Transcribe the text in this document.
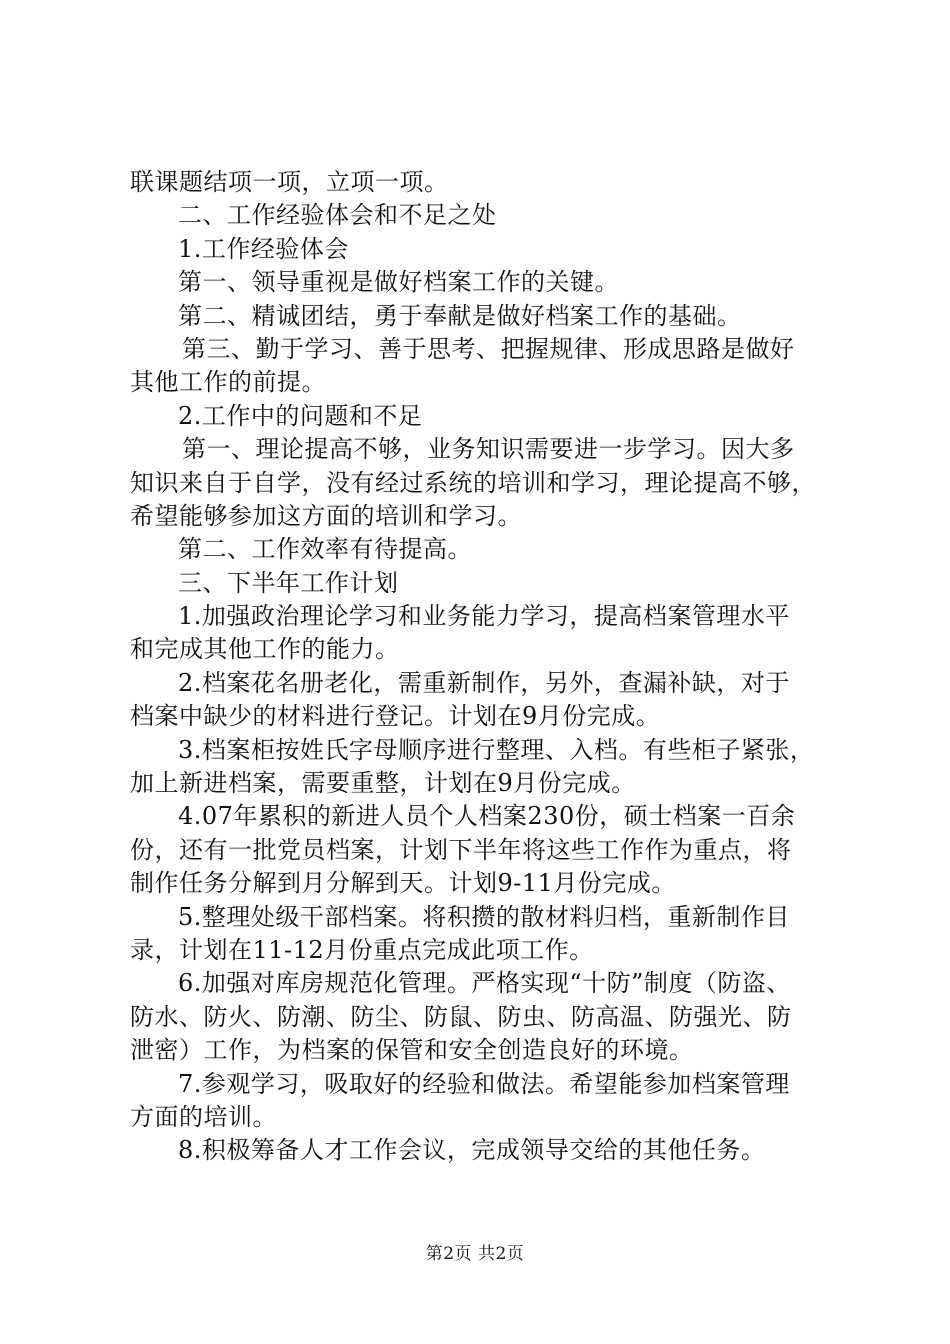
联课题结项一项，立项一项。
二、工作经验体会和不足之处
1.工作经验体会
第一、领导重视是做好档案工作的关键。
第二、精诚团结，勇于奉献是做好档案工作的基础。
第三、勤于学习、善于思考、把握规律、形成思路是做好
其他工作的前提。
2.工作中的问题和不足
第一、理论提高不够，业务知识需要进一步学习。因大多
知识来自于自学，没有经过系统的培训和学习，理论提高不够，
希望能够参加这方面的培训和学习。
第二、工作效率有待提高。
三、下半年工作计划
1.加强政治理论学习和业务能力学习，提高档案管理水平
和完成其他工作的能力。
2.档案花名册老化，需重新制作，另外，查漏补缺，对于
档案中缺少的材料进行登记。计划在9月份完成。
3.档案柜按姓氏字母顺序进行整理、入档。有些柜子紧张，
加上新进档案，需要重整，计划在9月份完成。
4.07年累积的新进人员个人档案230份，硕士档案一百余
份，还有一批党员档案，计划下半年将这些工作作为重点，将
制作任务分解到月分解到天。计划9-11月份完成。
5.整理处级干部档案。将积攒的散材料归档，重新制作目
录，计划在11-12月份重点完成此项工作。
6.加强对库房规范化管理。严格实现“十防”制度（防盗、
防水、防火、防潮、防尘、防鼠、防虫、防高温、防强光、防
泄密）工作，为档案的保管和安全创造良好的环境。
7.参观学习，吸取好的经验和做法。希望能参加档案管理
方面的培训。
8.积极筹备人才工作会议，完成领导交给的其他任务。
第2页 共2页
